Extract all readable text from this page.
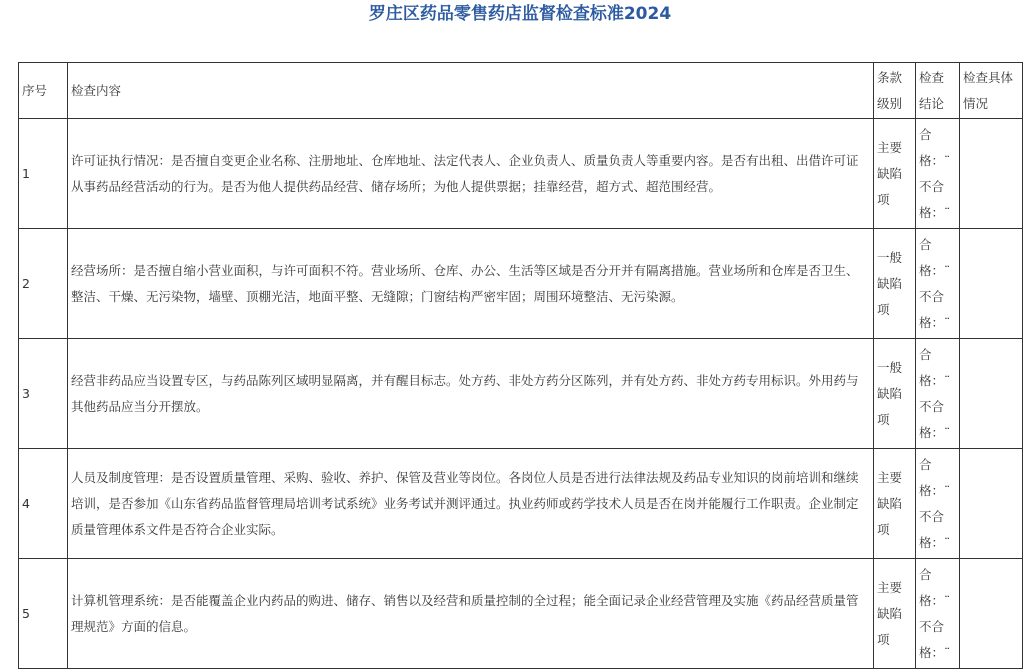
罗庄区药品零售药店监督检查标准2024
序号	检查内容	条款级别	检查结论	检查具体情况

1	许可证执行情况：是否擅自变更企业名称、注册地址、仓库地址、法定代表人、企业负责人、质量负责人等重要内容。是否有出租、出借许可证从事药品经营活动的行为。是否为他人提供药品经营、储存场所；为他人提供票据；挂靠经营，超方式、超范围经营。	主要缺陷项	合格：¨ 不合格：¨	

2	经营场所：是否擅自缩小营业面积，与许可面积不符。营业场所、仓库、办公、生活等区域是否分开并有隔离措施。营业场所和仓库是否卫生、整洁、干燥、无污染物，墙壁、顶棚光洁，地面平整、无缝隙；门窗结构严密牢固；周围环境整洁、无污染源。	一般缺陷项	合格：¨ 不合格：¨	

3	经营非药品应当设置专区，与药品陈列区域明显隔离，并有醒目标志。处方药、非处方药分区陈列，并有处方药、非处方药专用标识。外用药与其他药品应当分开摆放。	一般缺陷项	合格：¨ 不合格：¨	

4	人员及制度管理：是否设置质量管理、采购、验收、养护、保管及营业等岗位。各岗位人员是否进行法律法规及药品专业知识的岗前培训和继续培训，是否参加《山东省药品监督管理局培训考试系统》业务考试并测评通过。执业药师或药学技术人员是否在岗并能履行工作职责。企业制定质量管理体系文件是否符合企业实际。	主要缺陷项	合格：¨ 不合格：¨	

5	计算机管理系统：是否能覆盖企业内药品的购进、储存、销售以及经营和质量控制的全过程；能全面记录企业经营管理及实施《药品经营质量管理规范》方面的信息。	主要缺陷项	合格：¨ 不合格：¨	
